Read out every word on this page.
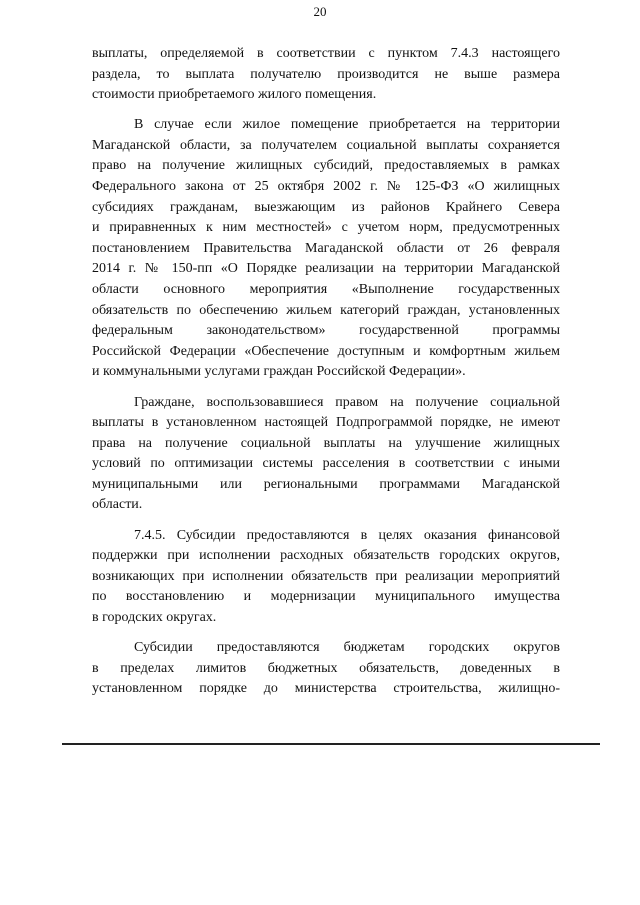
20
выплаты, определяемой в соответствии с пунктом 7.4.3 настоящего
раздела, то выплата получателю производится не выше размера
стоимости приобретаемого жилого помещения.
В случае если жилое помещение приобретается на территории
Магаданской области, за получателем социальной выплаты сохраняется
право на получение жилищных субсидий, предоставляемых в рамках
Федерального закона от 25 октября 2002 г. № 125-ФЗ «О жилищных
субсидиях гражданам, выезжающим из районов Крайнего Севера
и приравненных к ним местностей» с учетом норм, предусмотренных
постановлением Правительства Магаданской области от 26 февраля
2014 г. № 150-пп «О Порядке реализации на территории Магаданской
области основного мероприятия «Выполнение государственных
обязательств по обеспечению жильем категорий граждан, установленных
федеральным законодательством» государственной программы
Российской Федерации «Обеспечение доступным и комфортным жильем
и коммунальными услугами граждан Российской Федерации».
Граждане, воспользовавшиеся правом на получение социальной
выплаты в установленном настоящей Подпрограммой порядке, не имеют
права на получение социальной выплаты на улучшение жилищных
условий по оптимизации системы расселения в соответствии с иными
муниципальными или региональными программами Магаданской
области.
7.4.5. Субсидии предоставляются в целях оказания финансовой
поддержки при исполнении расходных обязательств городских округов,
возникающих при исполнении обязательств при реализации мероприятий
по восстановлению и модернизации муниципального имущества
в городских округах.
Субсидии предоставляются бюджетам городских округов
в пределах лимитов бюджетных обязательств, доведенных в
установленном порядке до министерства строительства, жилищно-
